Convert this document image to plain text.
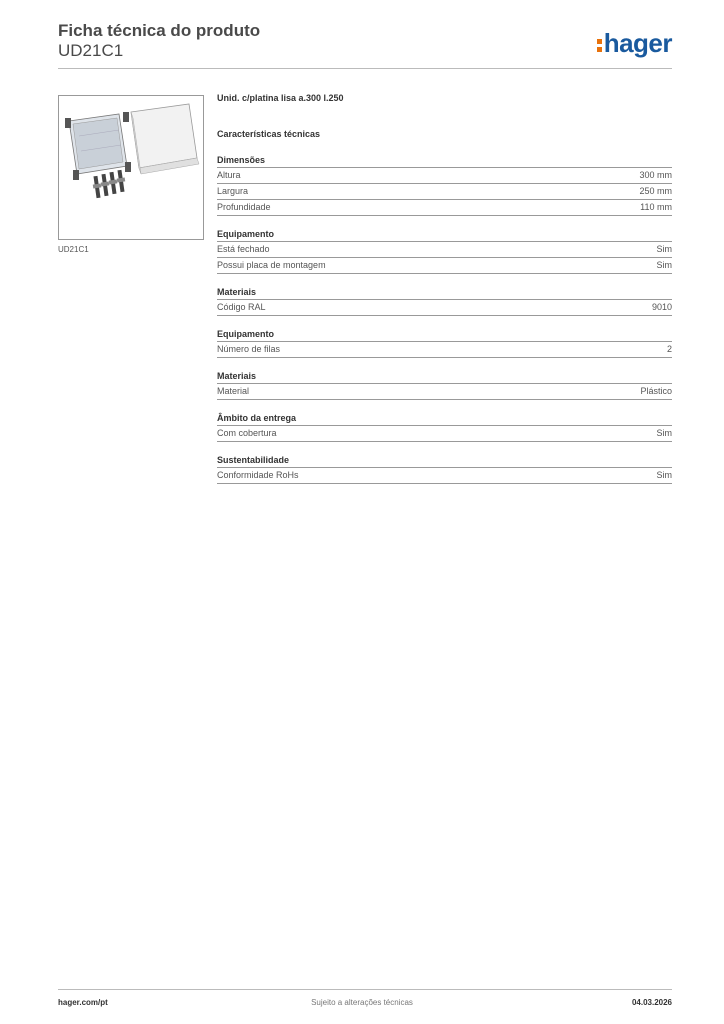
Ficha técnica do produto
UD21C1	hager
UD21C1
Unid. c/platina lisa a.300 l.250
Características técnicas
Dimensões
Altura	300 mm
Largura	250 mm
Profundidade	110 mm
Equipamento
Está fechado	Sim
Possui placa de montagem	Sim
Materiais
Código RAL	9010
Equipamento
Número de filas	2
Materiais
Material	Plástico
Âmbito da entrega
Com cobertura	Sim
Sustentabilidade
Conformidade RoHs	Sim
hager.com/pt	Sujeito a alterações técnicas	04.03.2026
